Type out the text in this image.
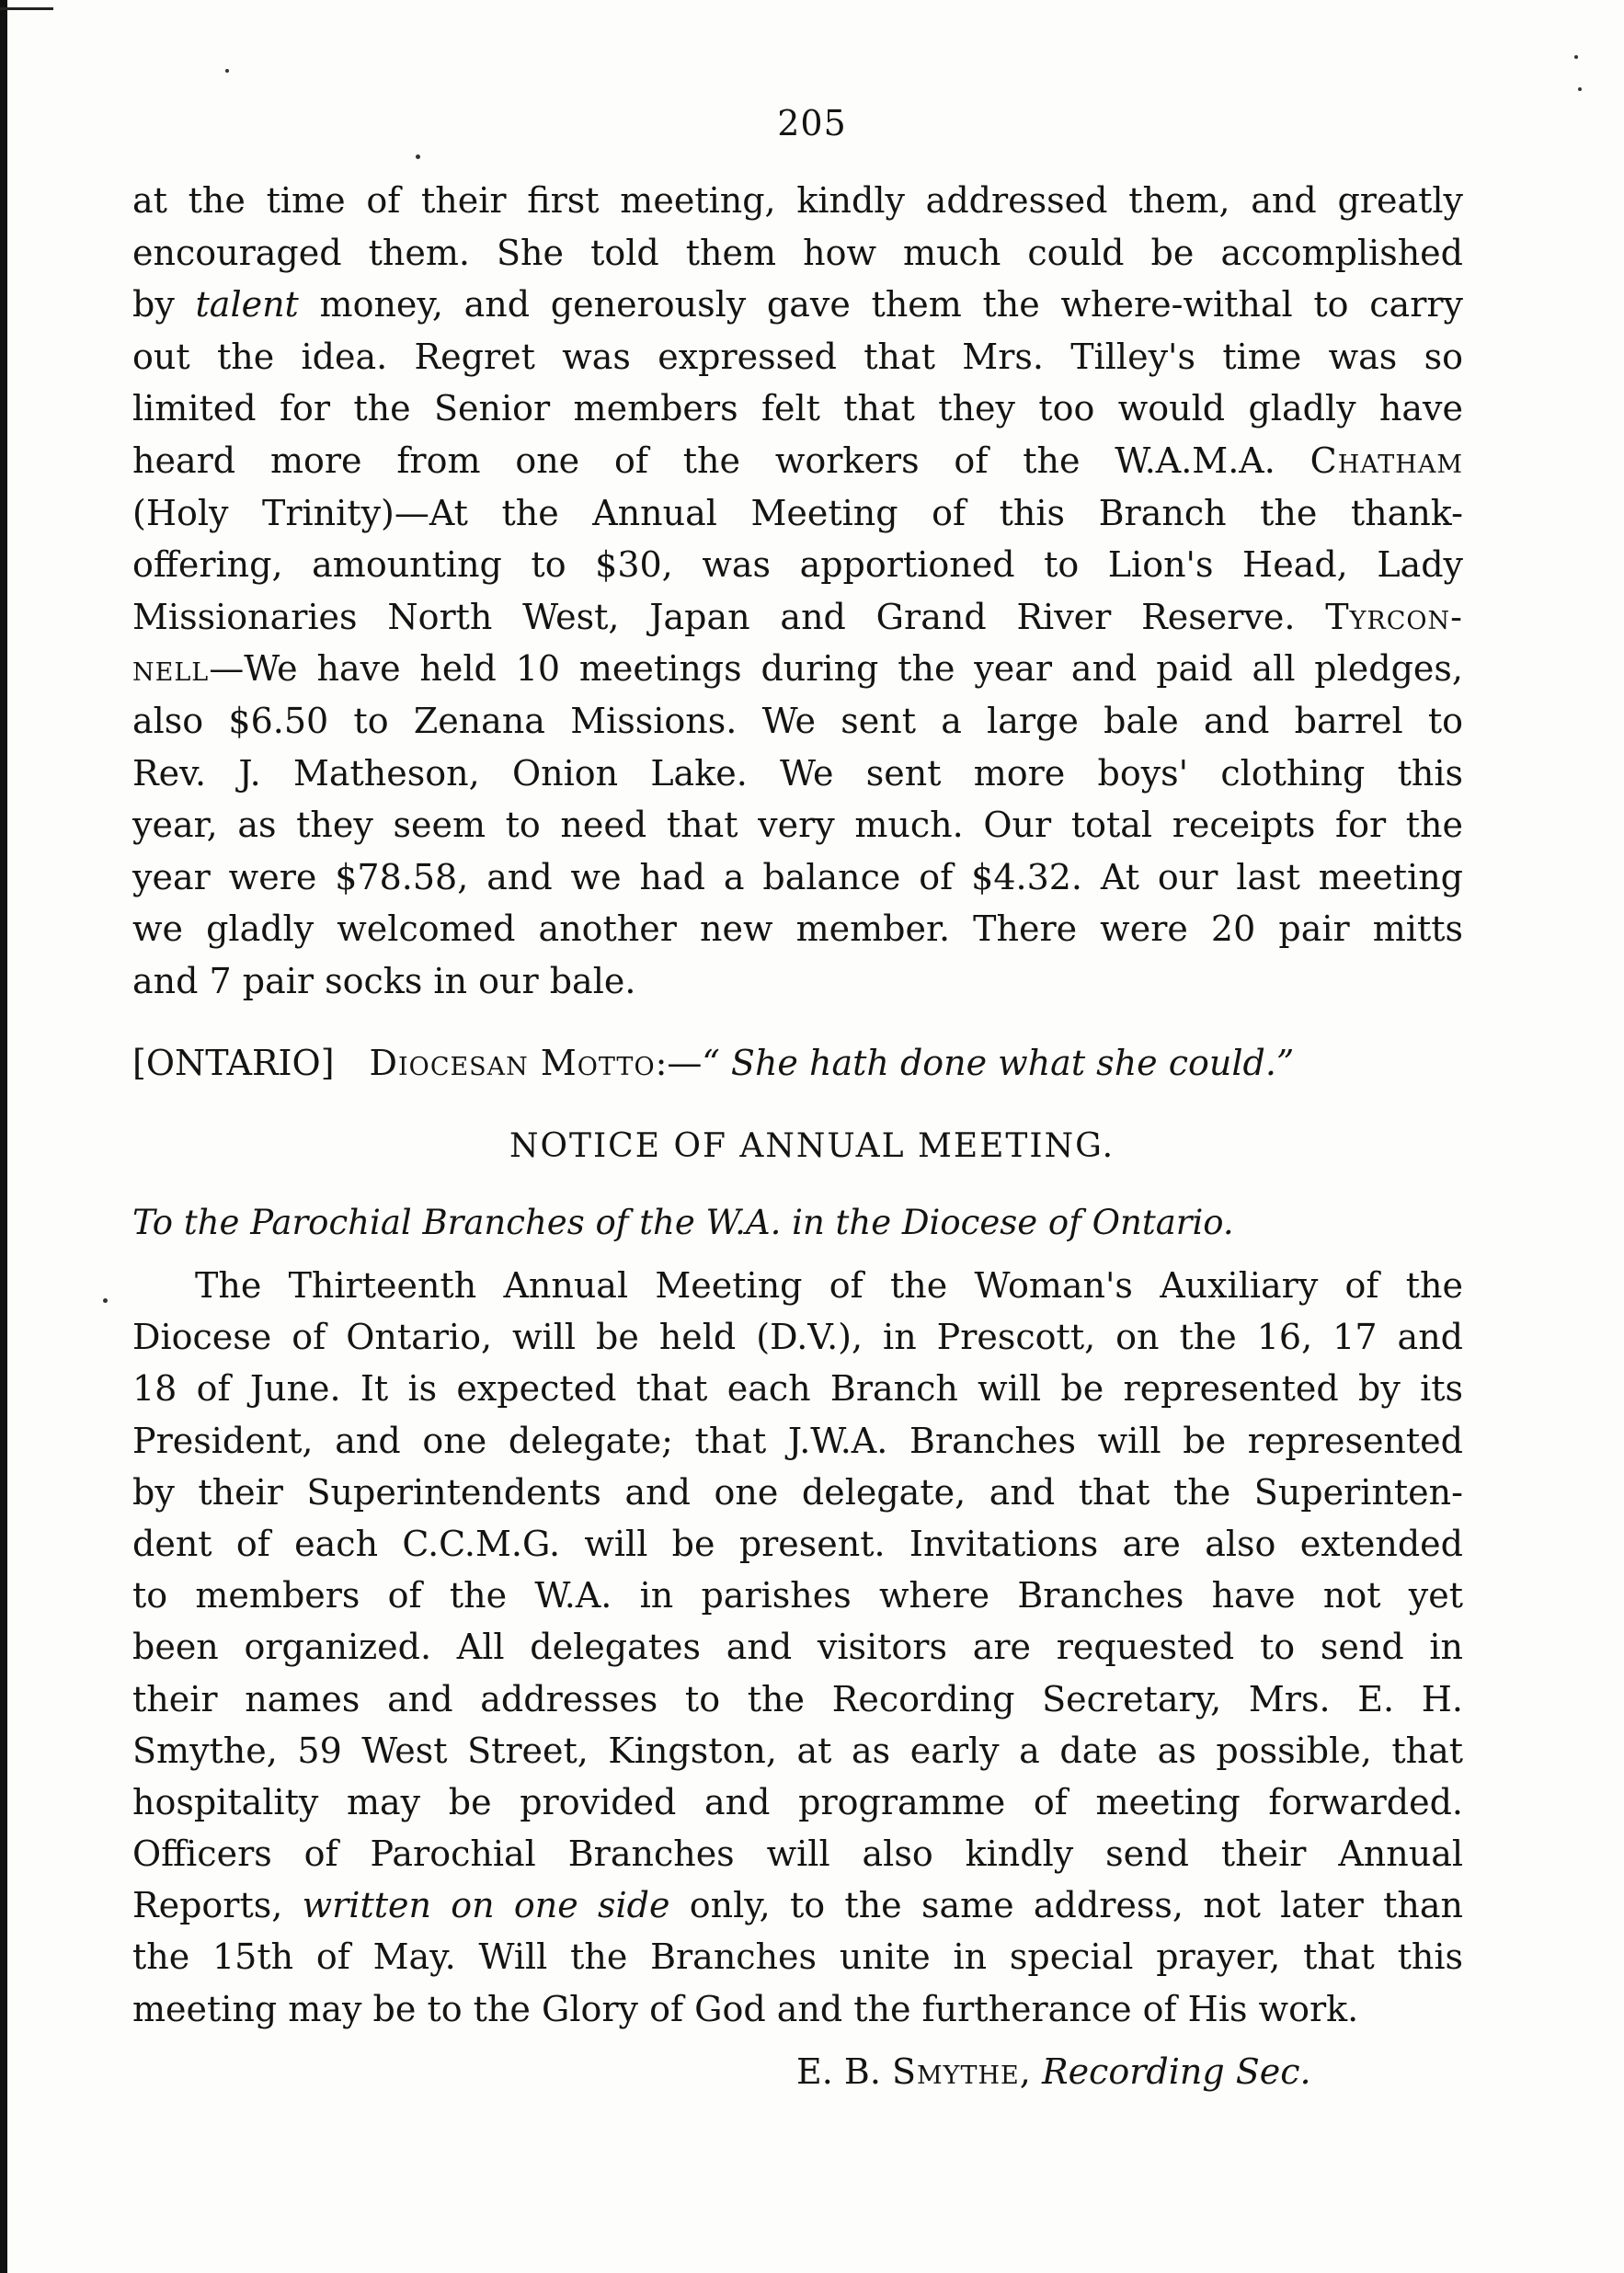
205
at the time of their first meeting, kindly addressed them, and greatly
encouraged them. She told them how much could be accomplished
by talent money, and generously gave them the where-withal to carry
out the idea. Regret was expressed that Mrs. Tilley's time was so
limited for the Senior members felt that they too would gladly have
heard more from one of the workers of the W.A.M.A. Chatham
(Holy Trinity)—At the Annual Meeting of this Branch the thank-
offering, amounting to $30, was apportioned to Lion's Head, Lady
Missionaries North West, Japan and Grand River Reserve. Tyrcon-
nell—We have held 10 meetings during the year and paid all pledges,
also $6.50 to Zenana Missions. We sent a large bale and barrel to
Rev. J. Matheson, Onion Lake. We sent more boys' clothing this
year, as they seem to need that very much. Our total receipts for the
year were $78.58, and we had a balance of $4.32. At our last meeting
we gladly welcomed another new member. There were 20 pair mitts
and 7 pair socks in our bale.
[ONTARIO] Diocesan Motto:—“ She hath done what she could.”
NOTICE OF ANNUAL MEETING.
To the Parochial Branches of the W.A. in the Diocese of Ontario.
The Thirteenth Annual Meeting of the Woman's Auxiliary of the
Diocese of Ontario, will be held (D.V.), in Prescott, on the 16, 17 and
18 of June. It is expected that each Branch will be represented by its
President, and one delegate; that J.W.A. Branches will be represented
by their Superintendents and one delegate, and that the Superinten-
dent of each C.C.M.G. will be present. Invitations are also extended
to members of the W.A. in parishes where Branches have not yet
been organized. All delegates and visitors are requested to send in
their names and addresses to the Recording Secretary, Mrs. E. H.
Smythe, 59 West Street, Kingston, at as early a date as possible, that
hospitality may be provided and programme of meeting forwarded.
Officers of Parochial Branches will also kindly send their Annual
Reports, written on one side only, to the same address, not later than
the 15th of May. Will the Branches unite in special prayer, that this
meeting may be to the Glory of God and the furtherance of His work.
E. B. Smythe, Recording Sec.
